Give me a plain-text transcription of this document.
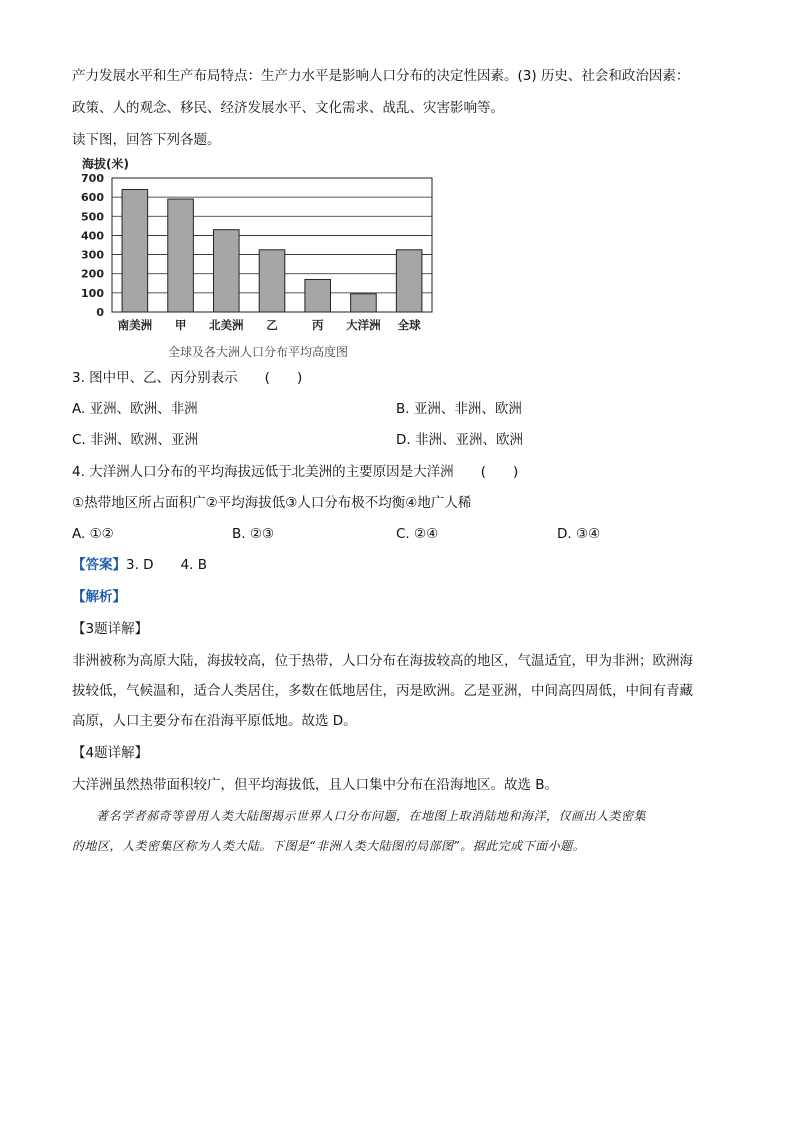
产力发展水平和生产布局特点：生产力水平是影响人口分布的决定性因素。(3) 历史、社会和政治因素：
政策、人的观念、移民、经济发展水平、文化需求、战乱、灾害影响等。
读下图，回答下列各题。
海拔(米)
0
100
200
300
400
500
600
700
南美洲 甲 北美洲 乙	丙 大洋洲 全球
全球及各大洲人口分布平均高度图
3. 图中甲、乙、丙分别表示　　(　　)
A. 亚洲、欧洲、非洲	B. 亚洲、非洲、欧洲
C. 非洲、欧洲、亚洲	D. 非洲、亚洲、欧洲
4. 大洋洲人口分布的平均海拔远低于北美洲的主要原因是大洋洲　　(　　)
①热带地区所占面积广②平均海拔低③人口分布极不均衡④地广人稀
A. ①②	B. ②③	C. ②④	D. ③④
【答案】3. D　　4. B
【解析】
【3题详解】
非洲被称为高原大陆，海拔较高，位于热带，人口分布在海拔较高的地区，气温适宜，甲为非洲；欧洲海
拔较低，气候温和，适合人类居住，多数在低地居住，丙是欧洲。乙是亚洲，中间高四周低，中间有青藏
高原，人口主要分布在沿海平原低地。故选 D。
【4题详解】
大洋洲虽然热带面积较广，但平均海拔低，且人口集中分布在沿海地区。故选 B。
著名学者郝奇等曾用人类大陆图揭示世界人口分布问题，在地图上取消陆地和海洋，仅画出人类密集
的地区，人类密集区称为人类大陆。下图是“非洲人类大陆图的局部图”。据此完成下面小题。
